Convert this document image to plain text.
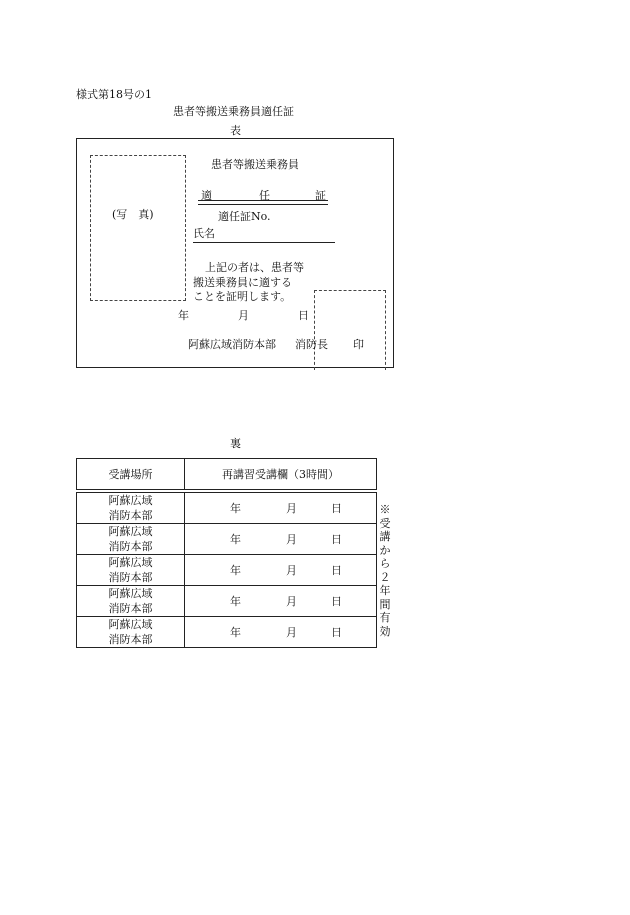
様式第18号の1
患者等搬送乗務員適任証
表
(写　真)
患者等搬送乗務員
適	任	証
適任証No.
氏名
上記の者は、患者等
搬送乗務員に適する
ことを証明します。
年	月	日
阿蘇広域消防本部 消防長 印
裏
受講場所	再講習受講欄（3時間）

阿蘇広域
消防本部	年 月 日

阿蘇広域
消防本部	年 月 日

阿蘇広域
消防本部	年 月 日

阿蘇広域
消防本部	年 月 日

阿蘇広域
消防本部	年 月 日
※受講から２年間有効
